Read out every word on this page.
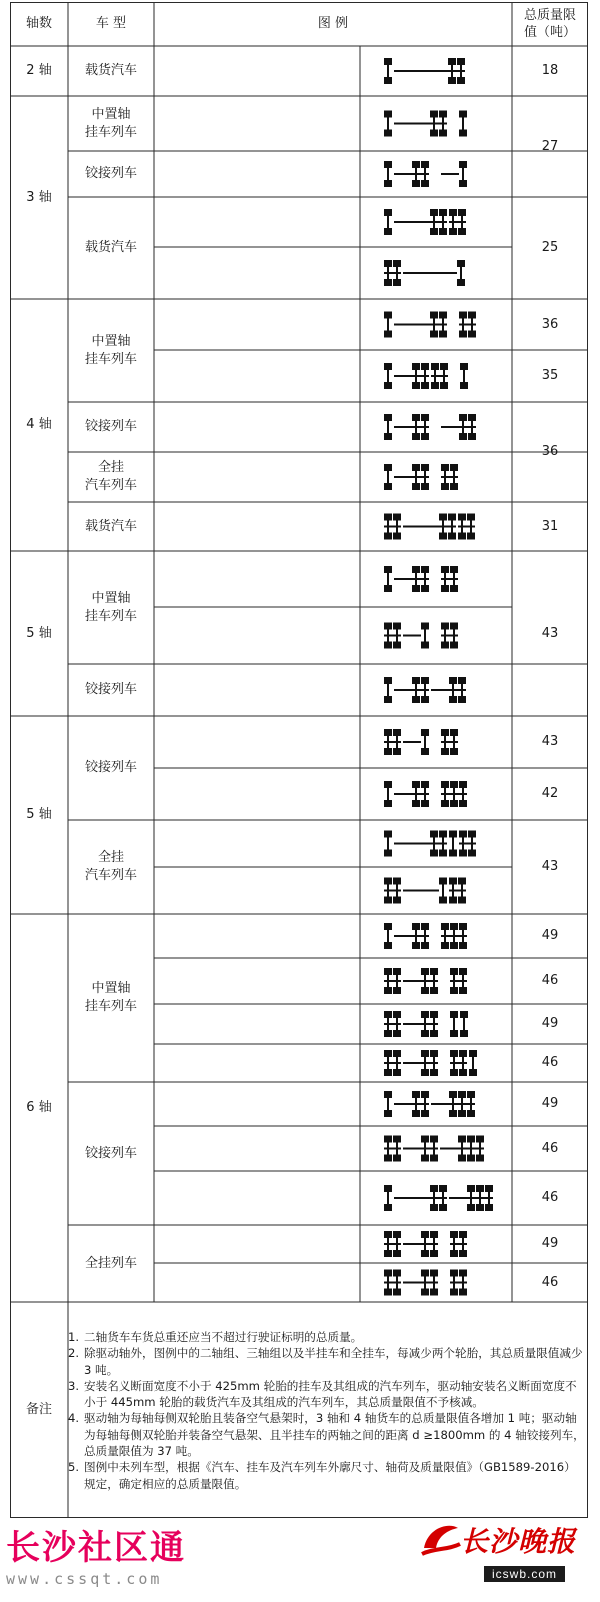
轴数	车 型	图 例
总质量限值（吨）
2 轴
3 轴
4 轴
5 轴
5 轴
6 轴
载货汽车
中置轴
挂车列车
铰接列车
载货汽车
中置轴
挂车列车
铰接列车
全挂
汽车列车
载货汽车
中置轴
挂车列车
铰接列车
铰接列车
全挂
汽车列车
中置轴
挂车列车
铰接列车
全挂列车
18
27
25
36
35
36
31
43
43
42
43
49
46
49
46
49
46
46
49
46
备注
1. 二轴货车车货总重还应当不超过行驶证标明的总质量。
2. 除驱动轴外，图例中的二轴组、三轴组以及半挂车和全挂车，每减少两个轮胎，其总质量限值减少 3 吨。
3. 安装名义断面宽度不小于 425mm 轮胎的挂车及其组成的汽车列车，驱动轴安装名义断面宽度不小于 445mm 轮胎的载货汽车及其组成的汽车列车，其总质量限值不予核减。
4. 驱动轴为每轴每侧双轮胎且装备空气悬架时，3 轴和 4 轴货车的总质量限值各增加 1 吨；驱动轴为每轴每侧双轮胎并装备空气悬架、且半挂车的两轴之间的距离 d ≥1800mm 的 4 轴铰接列车，总质量限值为 37 吨。
5. 图例中未列车型，根据《汽车、挂车及汽车列车外廓尺寸、轴荷及质量限值》（GB1589-2016）规定，确定相应的总质量限值。
长沙社区通
www.cssqt.com
长沙晚报
icswb.com
